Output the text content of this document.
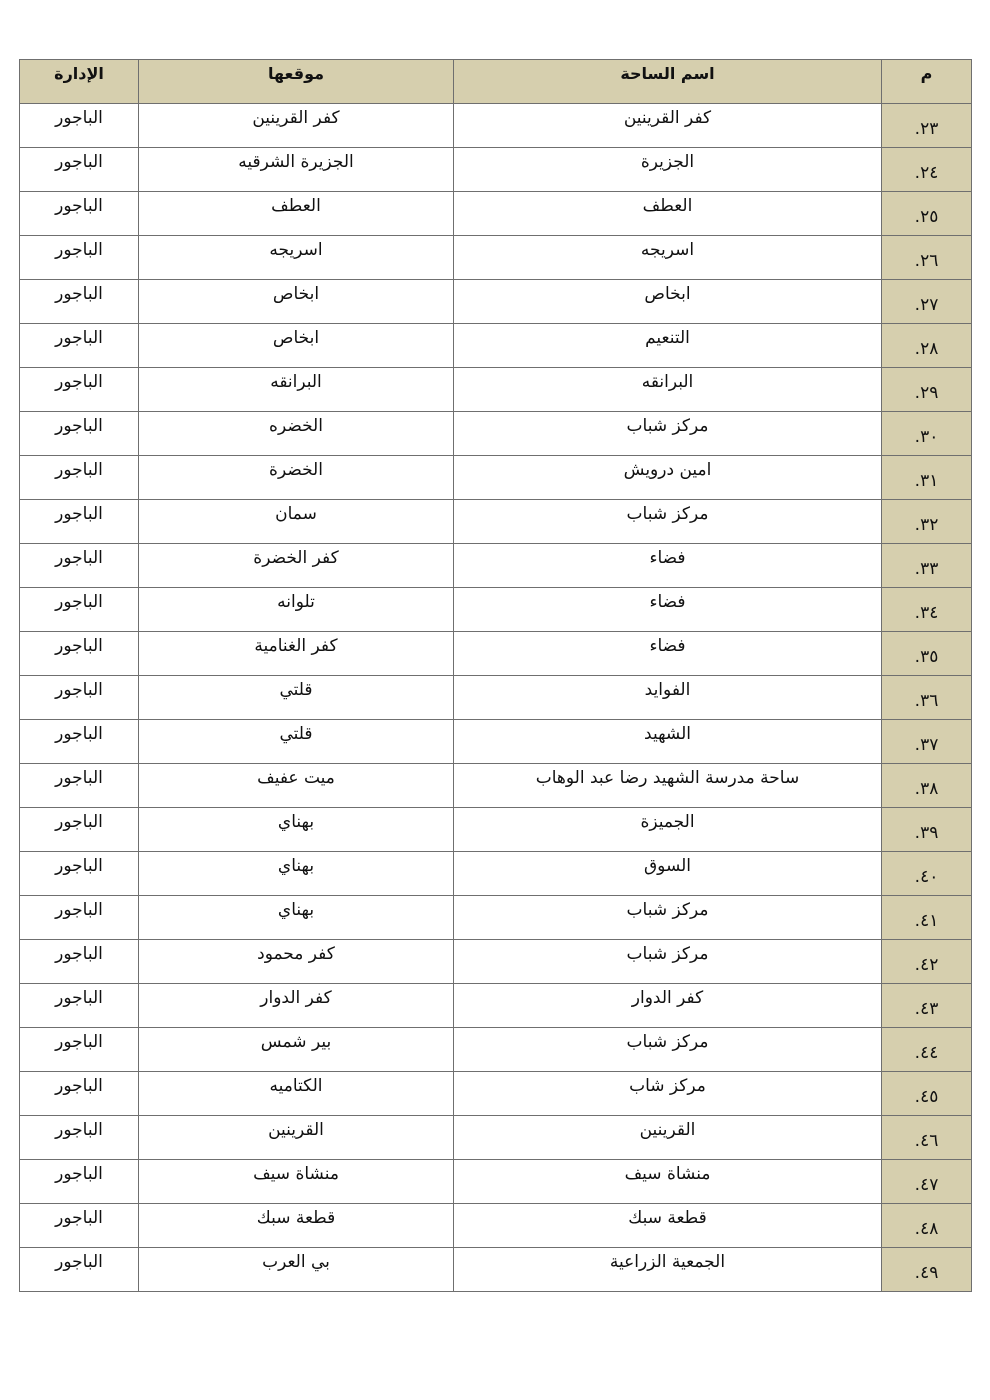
م	اسم الساحة	موقعها	الإدارة
٢٣.	كفر القرينين	كفر القرينين	الباجور
٢٤.	الجزيرة	الجزيرة الشرقيه	الباجور
٢٥.	العطف	العطف	الباجور
٢٦.	اسريجه	اسريجه	الباجور
٢٧.	ابخاص	ابخاص	الباجور
٢٨.	التنعيم	ابخاص	الباجور
٢٩.	البرانقه	البرانقه	الباجور
٣٠.	مركز شباب	الخضره	الباجور
٣١.	امين درويش	الخضرة	الباجور
٣٢.	مركز شباب	سمان	الباجور
٣٣.	فضاء	كفر الخضرة	الباجور
٣٤.	فضاء	تلوانه	الباجور
٣٥.	فضاء	كفر الغنامية	الباجور
٣٦.	الفوايد	قلتي	الباجور
٣٧.	الشهيد	قلتي	الباجور
٣٨.	ساحة مدرسة الشهيد رضا عبد الوهاب	ميت عفيف	الباجور
٣٩.	الجميزة	بهناي	الباجور
٤٠.	السوق	بهناي	الباجور
٤١.	مركز شباب	بهناي	الباجور
٤٢.	مركز شباب	كفر محمود	الباجور
٤٣.	كفر الدوار	كفر الدوار	الباجور
٤٤.	مركز شباب	بير شمس	الباجور
٤٥.	مركز شاب	الكتاميه	الباجور
٤٦.	القرينين	القرينين	الباجور
٤٧.	منشاة سيف	منشاة سيف	الباجور
٤٨.	قطعة سبك	قطعة سبك	الباجور
٤٩.	الجمعية الزراعية	بي العرب	الباجور
